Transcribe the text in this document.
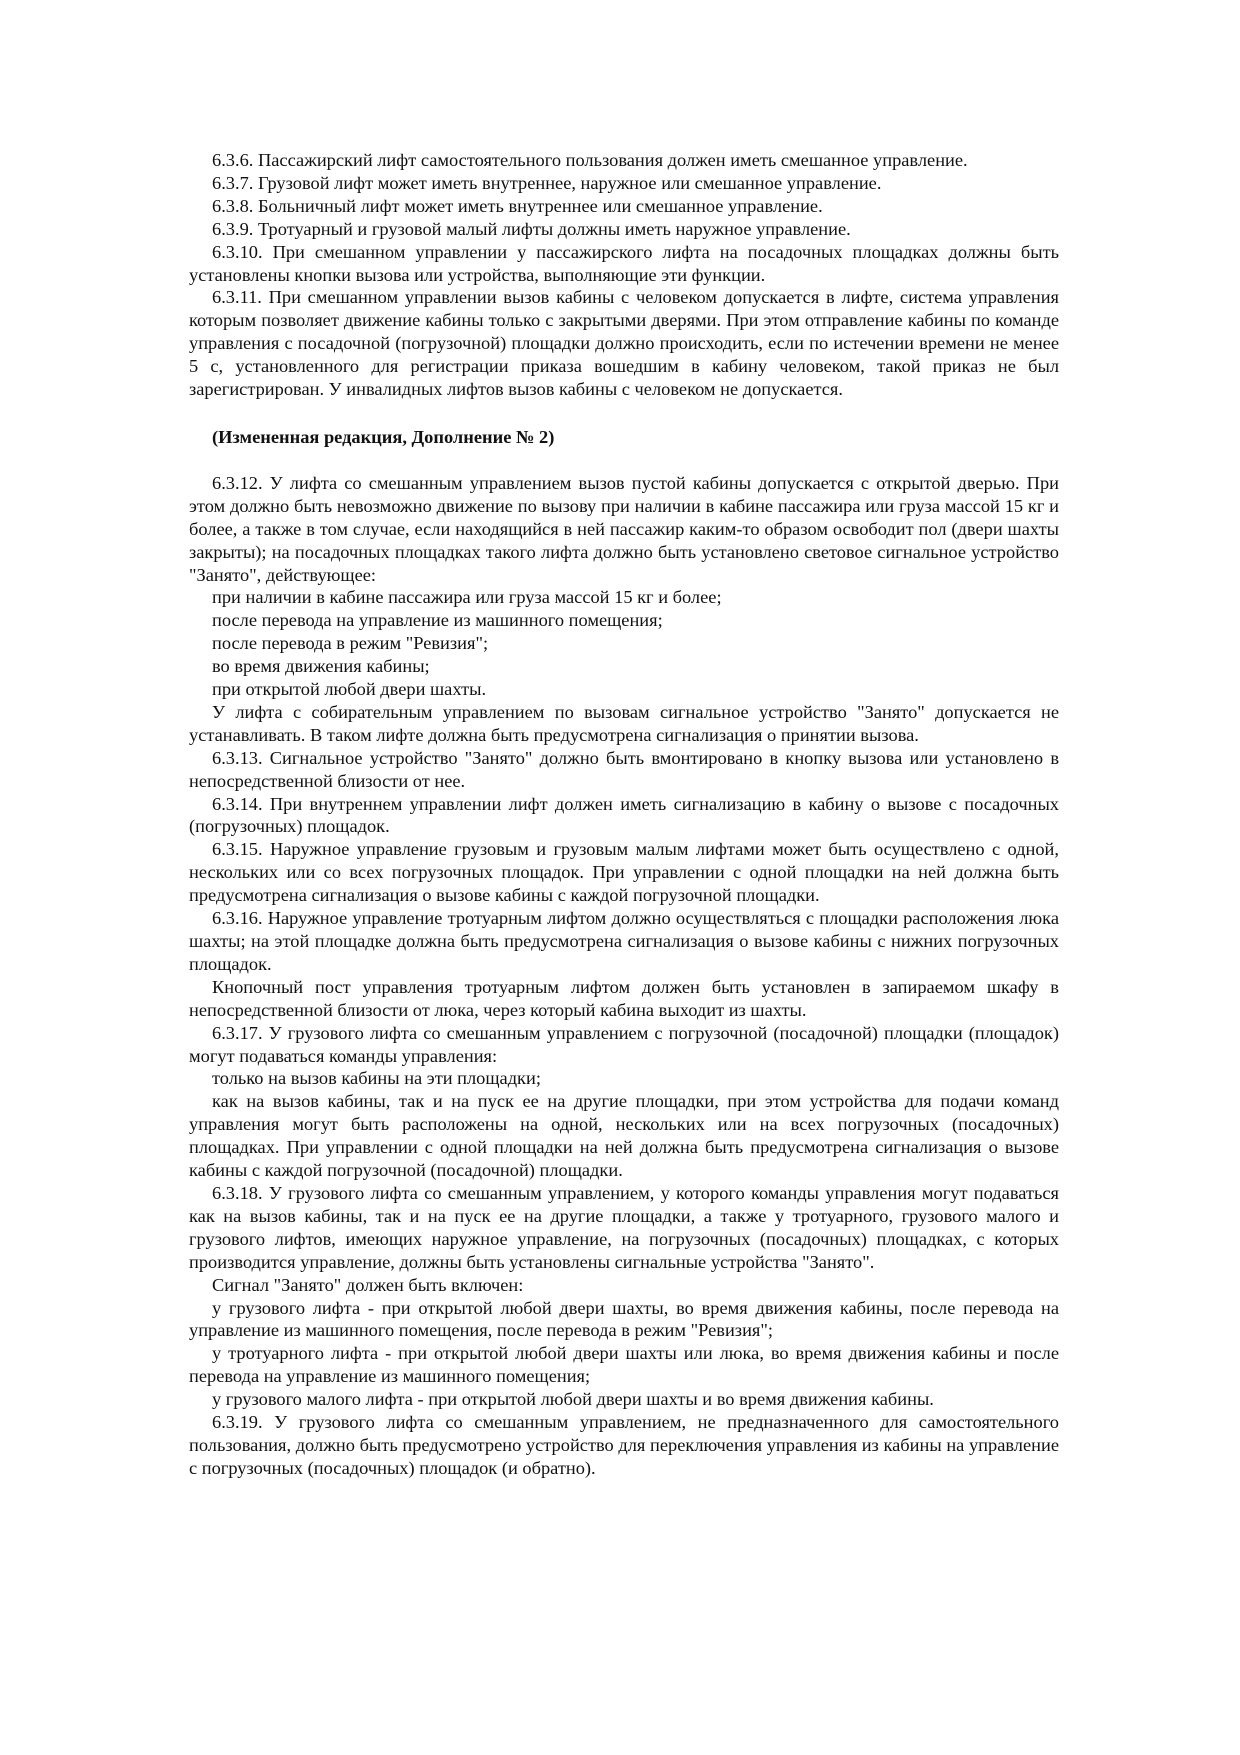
6.3.6. Пассажирский лифт самостоятельного пользования должен иметь смешанное управление.

6.3.7. Грузовой лифт может иметь внутреннее, наружное или смешанное управление.

6.3.8. Больничный лифт может иметь внутреннее или смешанное управление.

6.3.9. Тротуарный и грузовой малый лифты должны иметь наружное управление.

6.3.10. При смешанном управлении у пассажирского лифта на посадочных площадках должны быть установлены кнопки вызова или устройства, выполняющие эти функции.

6.3.11. При смешанном управлении вызов кабины с человеком допускается в лифте, система управления которым позволяет движение кабины только с закрытыми дверями. При этом отправление кабины по команде управления с посадочной (погрузочной) площадки должно происходить, если по истечении времени не менее 5 с, установленного для регистрации приказа вошедшим в кабину человеком, такой приказ не был зарегистрирован. У инвалидных лифтов вызов кабины с человеком не допускается.

(Измененная редакция, Дополнение № 2)

6.3.12. У лифта со смешанным управлением вызов пустой кабины допускается с открытой дверью. При этом должно быть невозможно движение по вызову при наличии в кабине пассажира или груза массой 15 кг и более, а также в том случае, если находящийся в ней пассажир каким-то образом освободит пол (двери шахты закрыты); на посадочных площадках такого лифта должно быть установлено световое сигнальное устройство "Занято", действующее:

при наличии в кабине пассажира или груза массой 15 кг и более;

после перевода на управление из машинного помещения;

после перевода в режим "Ревизия";

во время движения кабины;

при открытой любой двери шахты.

У лифта с собирательным управлением по вызовам сигнальное устройство "Занято" допускается не устанавливать. В таком лифте должна быть предусмотрена сигнализация о принятии вызова.

6.3.13. Сигнальное устройство "Занято" должно быть вмонтировано в кнопку вызова или установлено в непосредственной близости от нее.

6.3.14. При внутреннем управлении лифт должен иметь сигнализацию в кабину о вызове с посадочных (погрузочных) площадок.

6.3.15. Наружное управление грузовым и грузовым малым лифтами может быть осуществлено с одной, нескольких или со всех погрузочных площадок. При управлении с одной площадки на ней должна быть предусмотрена сигнализация о вызове кабины с каждой погрузочной площадки.

6.3.16. Наружное управление тротуарным лифтом должно осуществляться с площадки расположения люка шахты; на этой площадке должна быть предусмотрена сигнализация о вызове кабины с нижних погрузочных площадок.

Кнопочный пост управления тротуарным лифтом должен быть установлен в запираемом шкафу в непосредственной близости от люка, через который кабина выходит из шахты.

6.3.17. У грузового лифта со смешанным управлением с погрузочной (посадочной) площадки (площадок) могут подаваться команды управления:

только на вызов кабины на эти площадки;

как на вызов кабины, так и на пуск ее на другие площадки, при этом устройства для подачи команд управления могут быть расположены на одной, нескольких или на всех погрузочных (посадочных) площадках. При управлении с одной площадки на ней должна быть предусмотрена сигнализация о вызове кабины с каждой погрузочной (посадочной) площадки.

6.3.18. У грузового лифта со смешанным управлением, у которого команды управления могут подаваться как на вызов кабины, так и на пуск ее на другие площадки, а также у тротуарного, грузового малого и грузового лифтов, имеющих наружное управление, на погрузочных (посадочных) площадках, с которых производится управление, должны быть установлены сигнальные устройства "Занято".

Сигнал "Занято" должен быть включен:

у грузового лифта - при открытой любой двери шахты, во время движения кабины, после перевода на управление из машинного помещения, после перевода в режим "Ревизия";

у тротуарного лифта - при открытой любой двери шахты или люка, во время движения кабины и после перевода на управление из машинного помещения;

у грузового малого лифта - при открытой любой двери шахты и во время движения кабины.

6.3.19. У грузового лифта со смешанным управлением, не предназначенного для самостоятельного пользования, должно быть предусмотрено устройство для переключения управления из кабины на управление с погрузочных (посадочных) площадок (и обратно).
